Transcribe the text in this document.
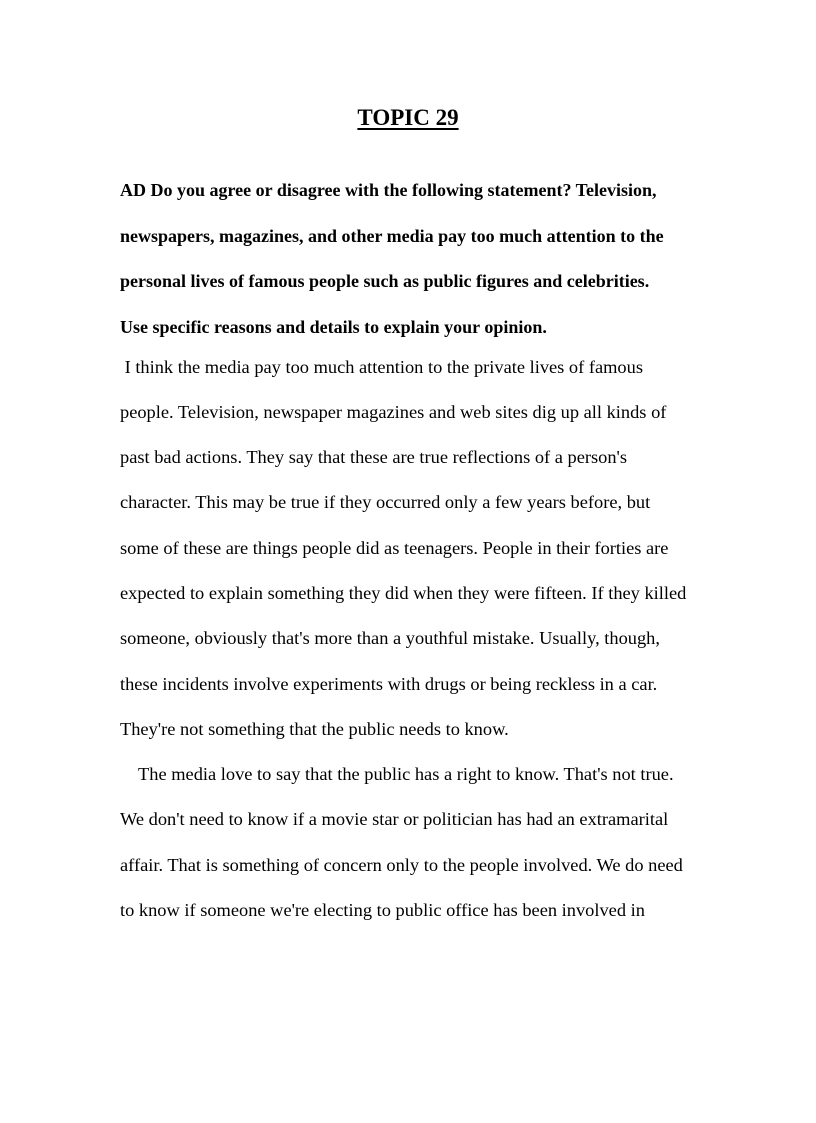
TOPIC 29
AD Do you agree or disagree with the following statement? Television,
newspapers, magazines, and other media pay too much attention to the
personal lives of famous people such as public figures and celebrities.
Use specific reasons and details to explain your opinion.
I think the media pay too much attention to the private lives of famous
people. Television, newspaper magazines and web sites dig up all kinds of
past bad actions. They say that these are true reflections of a person's
character. This may be true if they occurred only a few years before, but
some of these are things people did as teenagers. People in their forties are
expected to explain something they did when they were fifteen. If they killed
someone, obviously that's more than a youthful mistake. Usually, though,
these incidents involve experiments with drugs or being reckless in a car.
They're not something that the public needs to know.
The media love to say that the public has a right to know. That's not true.
We don't need to know if a movie star or politician has had an extramarital
affair. That is something of concern only to the people involved. We do need
to know if someone we're electing to public office has been involved in
